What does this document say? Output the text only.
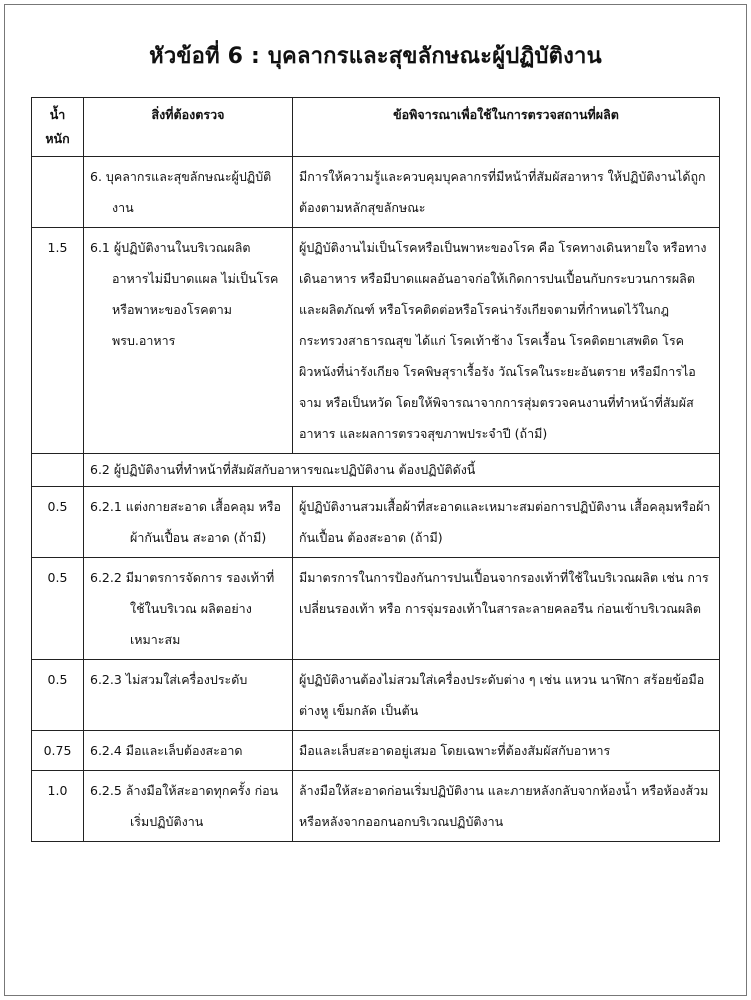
หัวข้อที่ 6 : บุคลากรและสุขลักษณะผู้ปฏิบัติงาน
น้ำหนัก	สิ่งที่ต้องตรวจ	ข้อพิจารณาเพื่อใช้ในการตรวจสถานที่ผลิต

	6. บุคลากรและสุขลักษณะผู้ปฏิบัติงาน	มีการให้ความรู้และควบคุมบุคลากรที่มีหน้าที่สัมผัสอาหาร ให้ปฏิบัติงานได้ถูกต้องตามหลักสุขลักษณะ
1.5	6.1 ผู้ปฏิบัติงานในบริเวณผลิต อาหารไม่มีบาดแผล ไม่เป็นโรคหรือพาหะของโรคตาม พรบ.อาหาร	ผู้ปฏิบัติงานไม่เป็นโรคหรือเป็นพาหะของโรค คือ โรคทางเดินหายใจ หรือทางเดินอาหาร หรือมีบาดแผลอันอาจก่อให้เกิดการปนเปื้อนกับกระบวนการผลิตและผลิตภัณฑ์ หรือโรคติดต่อหรือโรคน่ารังเกียจตามที่กำหนดไว้ในกฎกระทรวงสาธารณสุข ได้แก่ โรคเท้าช้าง โรคเรื้อน โรคติดยาเสพติด โรคผิวหนังที่น่ารังเกียจ โรคพิษสุราเรื้อรัง วัณโรคในระยะอันตราย หรือมีการไอ จาม หรือเป็นหวัด โดยให้พิจารณาจากการสุ่มตรวจคนงานที่ทำหน้าที่สัมผัสอาหาร และผลการตรวจสุขภาพประจำปี (ถ้ามี)
	6.2 ผู้ปฏิบัติงานที่ทำหน้าที่สัมผัสกับอาหารขณะปฏิบัติงาน ต้องปฏิบัติดังนี้	
0.5	6.2.1 แต่งกายสะอาด เสื้อคลุม หรือผ้ากันเปื้อน สะอาด (ถ้ามี)	ผู้ปฏิบัติงานสวมเสื้อผ้าที่สะอาดและเหมาะสมต่อการปฏิบัติงาน เสื้อคลุมหรือผ้ากันเปื้อน ต้องสะอาด (ถ้ามี)
0.5	6.2.2 มีมาตรการจัดการ รองเท้าที่ใช้ในบริเวณ ผลิตอย่างเหมาะสม	มีมาตรการในการป้องกันการปนเปื้อนจากรองเท้าที่ใช้ในบริเวณผลิต เช่น การเปลี่ยนรองเท้า หรือ การจุ่มรองเท้าในสารละลายคลอรีน ก่อนเข้าบริเวณผลิต
0.5	6.2.3 ไม่สวมใส่เครื่องประดับ	ผู้ปฏิบัติงานต้องไม่สวมใส่เครื่องประดับต่าง ๆ เช่น แหวน นาฬิกา สร้อยข้อมือ ต่างหู เข็มกลัด เป็นต้น
0.75	6.2.4 มือและเล็บต้องสะอาด	มือและเล็บสะอาดอยู่เสมอ โดยเฉพาะที่ต้องสัมผัสกับอาหาร
1.0	6.2.5 ล้างมือให้สะอาดทุกครั้ง ก่อนเริ่มปฏิบัติงาน	ล้างมือให้สะอาดก่อนเริ่มปฏิบัติงาน และภายหลังกลับจากห้องน้ำ หรือห้องส้วม หรือหลังจากออกนอกบริเวณปฏิบัติงาน
